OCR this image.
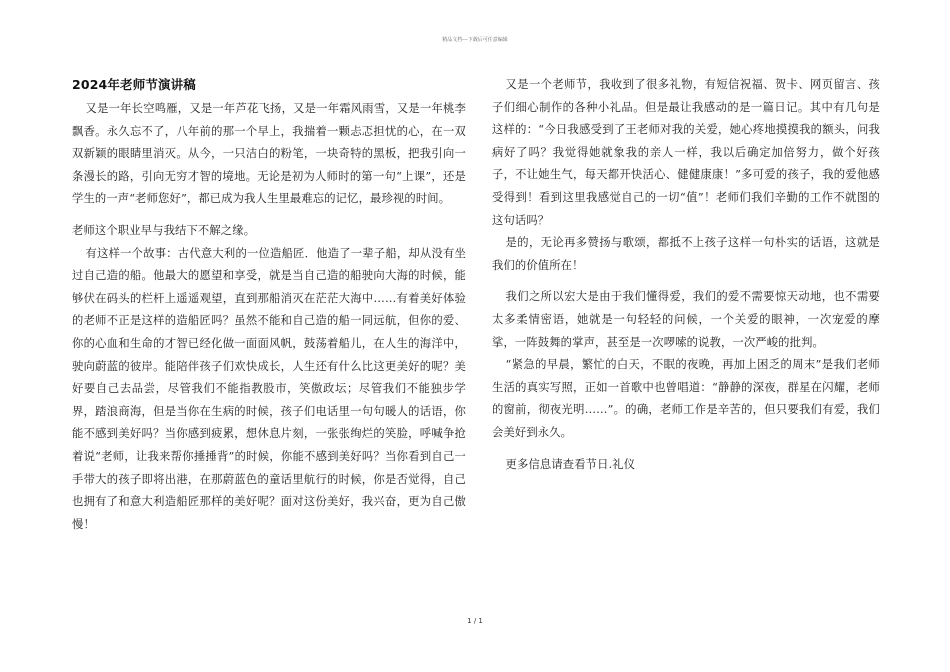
精品文档---下载后可任意编辑
2024年老师节演讲稿

又是一年长空鸣雁，又是一年芦花飞扬，又是一年霜风雨雪，又是一年桃李飘香。永久忘不了，八年前的那一个早上，我揣着一颗忐忑担忧的心，在一双双新颖的眼睛里消灭。从今，一只洁白的粉笔，一块奇特的黑板，把我引向一条漫长的路，引向无穷才智的境地。无论是初为人师时的第一句“上课”，还是学生的一声“老师您好”，都已成为我人生里最难忘的记忆，最珍视的时间。

老师这个职业早与我结下不解之缘。

有这样一个故事：古代意大利的一位造船匠．他造了一辈子船，却从没有坐过自己造的船。他最大的愿望和享受，就是当自己造的船驶向大海的时候，能够伏在码头的栏杆上遥遥观望，直到那船消灭在茫茫大海中……有着美好体验的老师不正是这样的造船匠吗？虽然不能和自己造的船一同远航，但你的爱、你的心血和生命的才智已经化做一面面风帆，鼓荡着船儿，在人生的海洋中，驶向蔚蓝的彼岸。能陪伴孩子们欢快成长，人生还有什么比这更美好的呢？美好要自己去品尝，尽管我们不能指教股市，笑傲政坛；尽管我们不能独步学界，踏浪商海，但是当你在生病的时候，孩子们电话里一句句暖人的话语，你能不感到美好吗？当你感到疲累，想休息片刻，一张张绚烂的笑脸，呼喊争抢着说“老师，让我来帮你捶捶背”的时候，你能不感到美好吗？当你看到自己一手带大的孩子即将出港，在那蔚蓝色的童话里航行的时候，你是否觉得，自己也拥有了和意大利造船匠那样的美好呢？面对这份美好，我兴奋，更为自己傲慢！

又是一个老师节，我收到了很多礼物，有短信祝福、贺卡、网页留言、孩子们细心制作的各种小礼品。但是最让我感动的是一篇日记。其中有几句是这样的：“今日我感受到了王老师对我的关爱，她心疼地摸摸我的额头，问我病好了吗？我觉得她就象我的亲人一样，我以后确定加倍努力，做个好孩子，不让她生气，每天都开快活心、健健康康！”多可爱的孩子，我的爱他感受得到！看到这里我感觉自己的一切“值”！老师们我们辛勤的工作不就图的这句话吗？

是的，无论再多赞扬与歌颂，都抵不上孩子这样一句朴实的话语，这就是我们的价值所在！

我们之所以宏大是由于我们懂得爱，我们的爱不需要惊天动地，也不需要太多柔情密语，她就是一句轻轻的问候，一个关爱的眼神，一次宠爱的摩挲，一阵鼓舞的掌声，甚至是一次啰嗦的说教，一次严峻的批判。

“紧急的早晨，繁忙的白天，不眠的夜晚，再加上困乏的周末”是我们老师生活的真实写照，正如一首歌中也曾唱道：“静静的深夜，群星在闪耀，老师的窗前，彻夜光明……”。的确，老师工作是辛苦的，但只要我们有爱，我们会美好到永久。

更多信息请查看节日.礼仪

1 / 1
